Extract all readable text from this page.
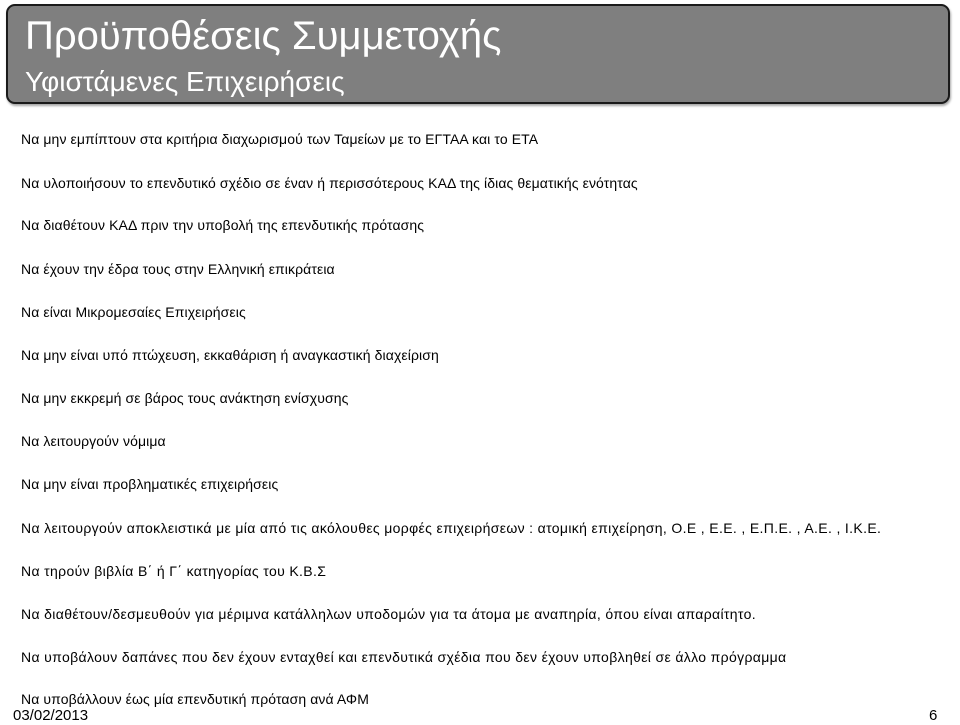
Προϋποθέσεις Συμμετοχής
Υφιστάμενες Επιχειρήσεις
Να μην εμπίπτουν στα κριτήρια διαχωρισμού των Ταμείων με το ΕΓΤΑΑ και το ΕΤΑ
Να υλοποιήσουν το επενδυτικό σχέδιο σε έναν ή περισσότερους ΚΑΔ της ίδιας θεματικής ενότητας
Να διαθέτουν ΚΑΔ πριν την υποβολή της επενδυτικής πρότασης
Να έχουν την έδρα τους στην Ελληνική επικράτεια
Να είναι Μικρομεσαίες Επιχειρήσεις
Να μην είναι υπό πτώχευση, εκκαθάριση ή αναγκαστική διαχείριση
Να μην εκκρεμή σε βάρος τους ανάκτηση ενίσχυσης
Να λειτουργούν νόμιμα
Να μην είναι προβληματικές επιχειρήσεις
Να λειτουργούν αποκλειστικά με μία από τις ακόλουθες μορφές επιχειρήσεων : ατομική επιχείρηση, Ο.Ε , Ε.Ε. , Ε.Π.Ε. , Α.Ε. , Ι.Κ.Ε.
Να τηρούν βιβλία Β΄ ή Γ΄ κατηγορίας του Κ.Β.Σ
Να διαθέτουν/δεσμευθούν για μέριμνα κατάλληλων υποδομών για τα άτομα με αναπηρία, όπου είναι απαραίτητο.
Να υποβάλουν δαπάνες που δεν έχουν ενταχθεί και επενδυτικά σχέδια που δεν έχουν υποβληθεί σε άλλο πρόγραμμα
Να υποβάλλουν έως μία επενδυτική πρόταση ανά ΑΦΜ
03/02/2013	6
